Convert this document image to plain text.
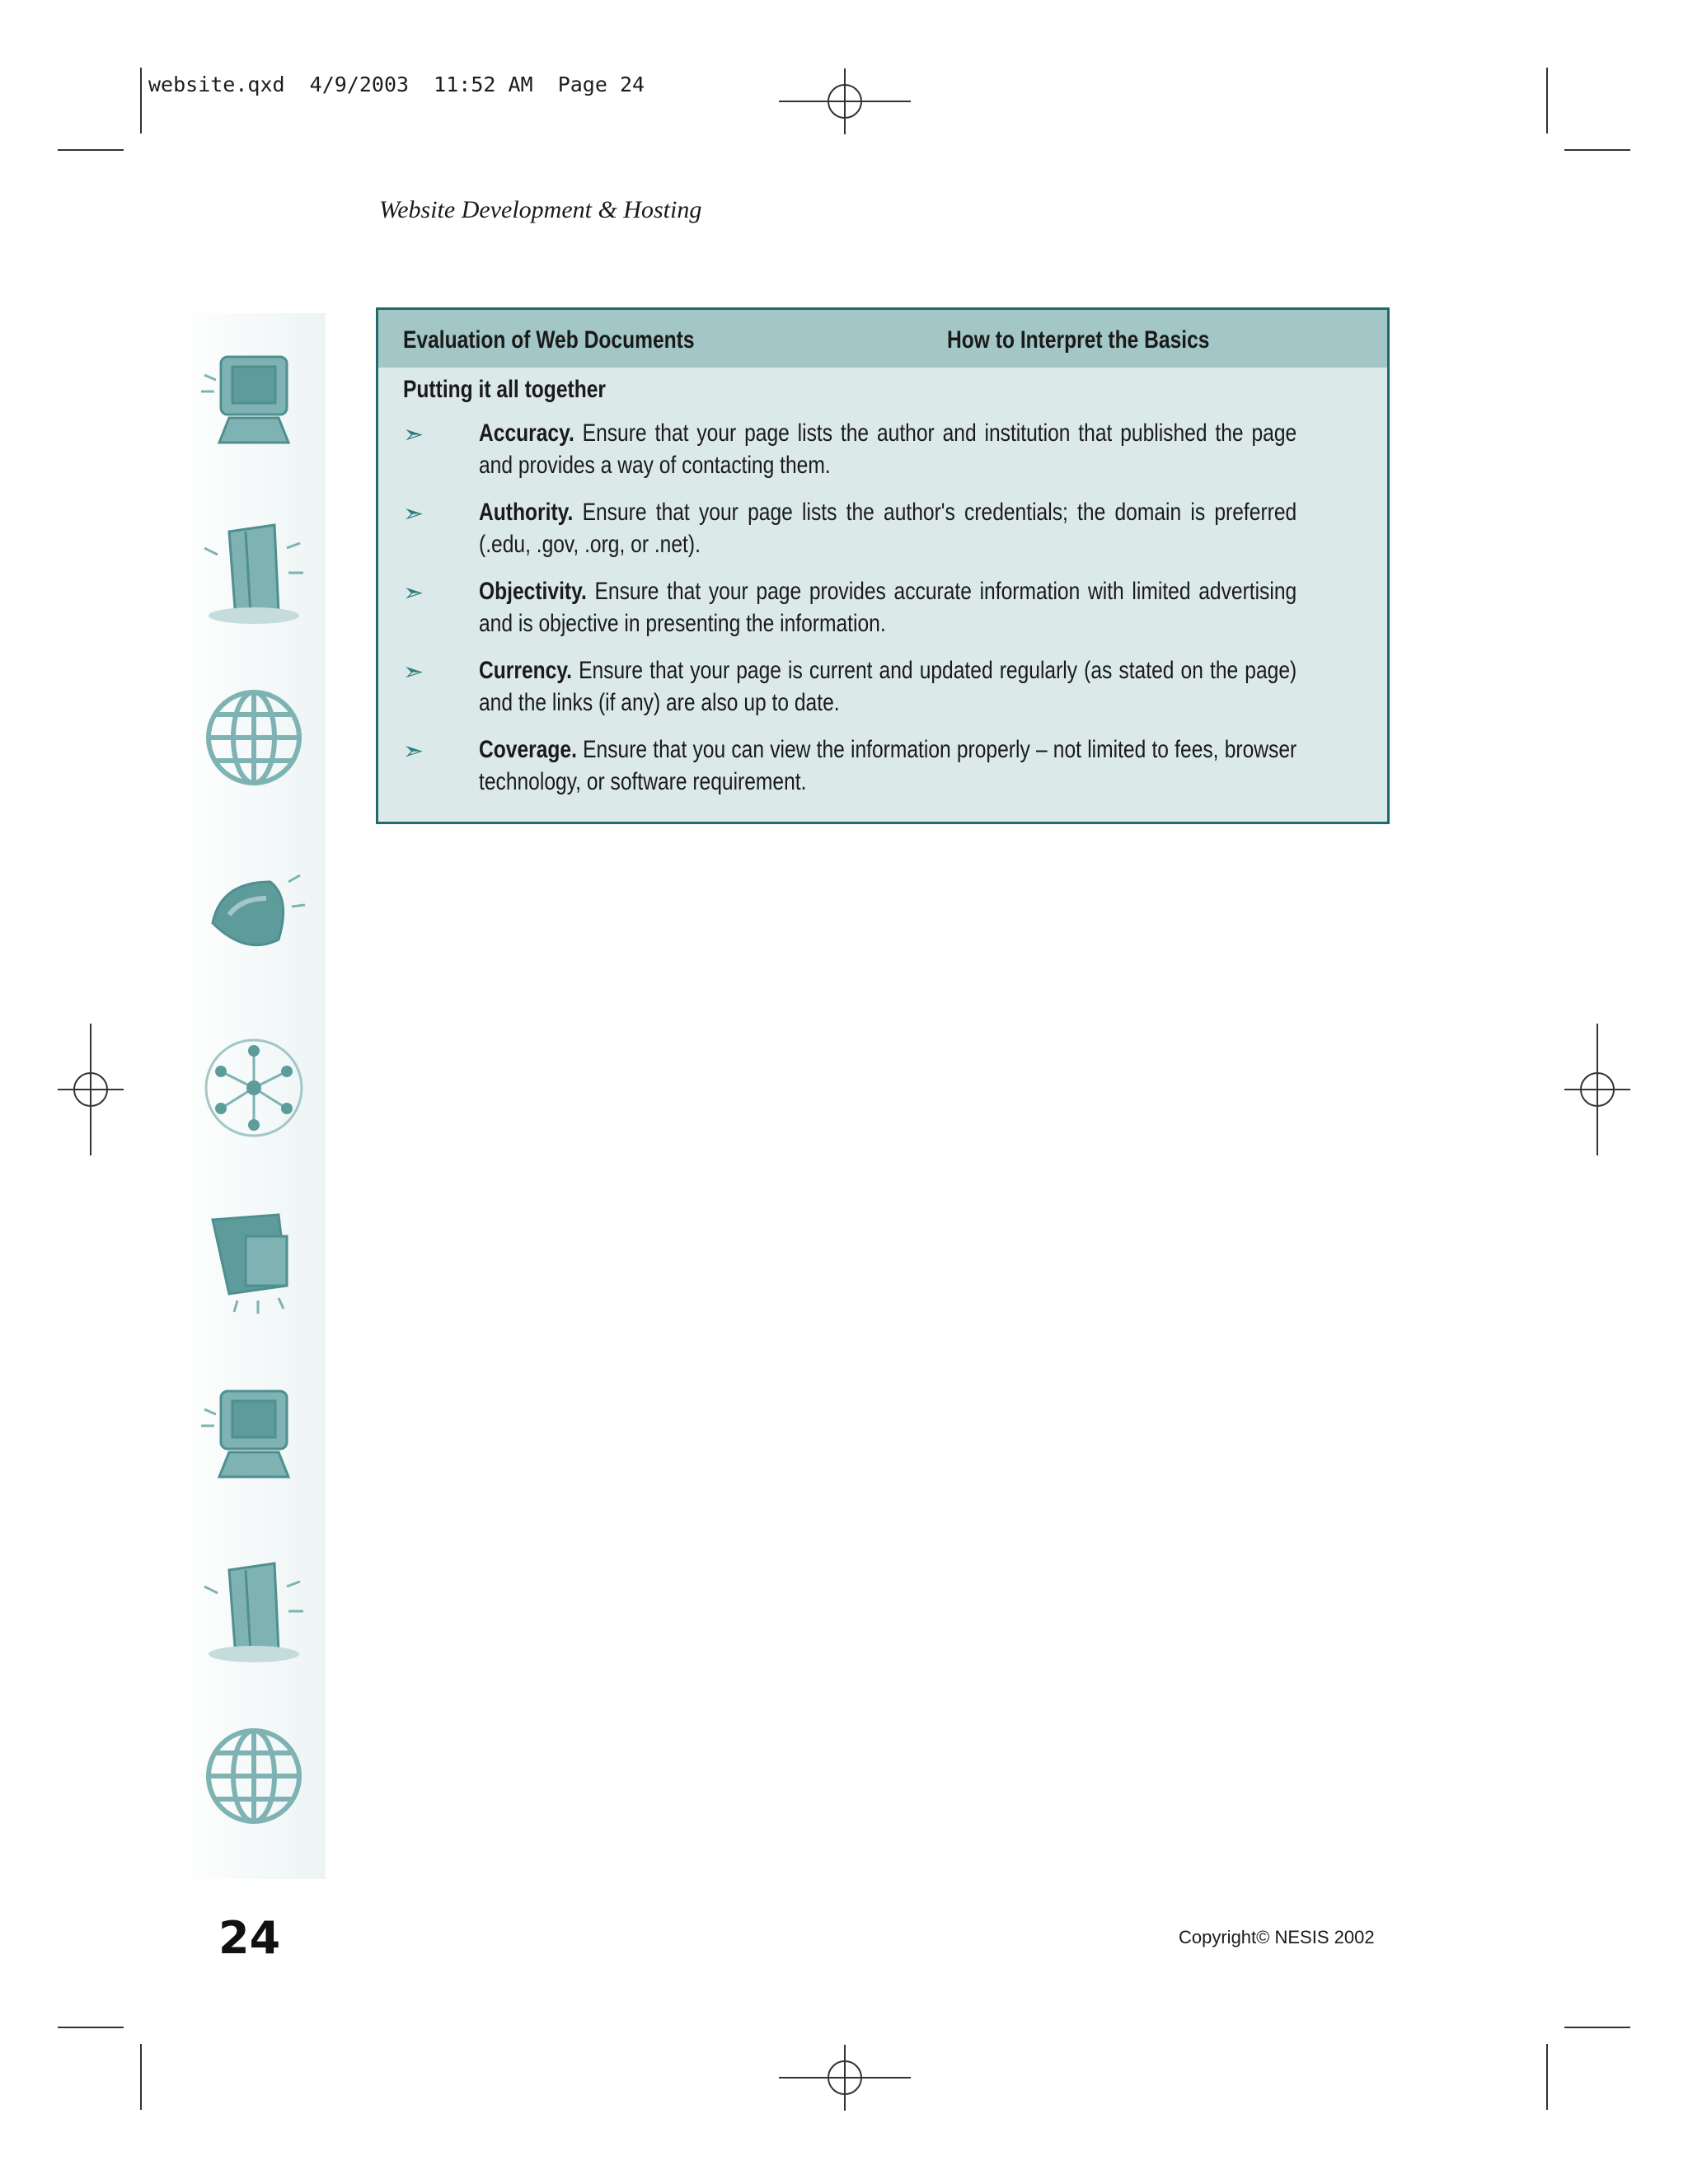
website.qxd  4/9/2003  11:52 AM  Page 24
Website Development & Hosting
Evaluation of Web Documents	How to Interpret the Basics
Putting it all together
➣ Accuracy. Ensure that your page lists the author and institution that published the page and provides a way of contacting them.
➣ Authority. Ensure that your page lists the author's credentials; the domain is preferred (.edu, .gov, .org, or .net).
➣ Objectivity. Ensure that your page provides accurate information with limited advertising and is objective in presenting the information.
➣ Currency. Ensure that your page is current and updated regularly (as stated on the page) and the links (if any) are also up to date.
➣ Coverage. Ensure that you can view the information properly – not limited to fees, browser technology, or software requirement.
24	Copyright© NESIS 2002
